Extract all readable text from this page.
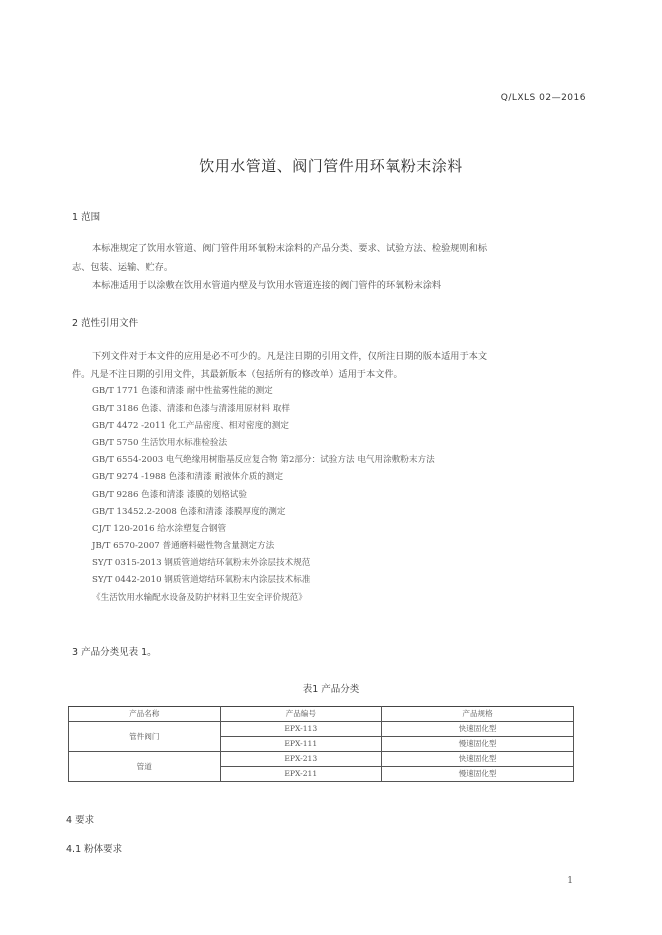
Q/LXLS 02—2016
饮用水管道、阀门管件用环氧粉末涂料
1 范围
本标准规定了饮用水管道、阀门管件用环氧粉末涂料的产品分类、要求、试验方法、检验规则和标
志、包装、运输、贮存。
本标准适用于以涂敷在饮用水管道内壁及与饮用水管道连接的阀门管件的环氧粉末涂料
2 范性引用文件
下列文件对于本文件的应用是必不可少的。凡是注日期的引用文件，仅所注日期的版本适用于本文
件。凡是不注日期的引用文件，其最新版本（包括所有的修改单）适用于本文件。
GB/T 1771 色漆和清漆 耐中性盐雾性能的测定
GB/T 3186 色漆、清漆和色漆与清漆用原材料 取样
GB/T 4472 -2011 化工产品密度、相对密度的测定
GB/T 5750 生活饮用水标准检验法
GB/T 6554-2003 电气绝缘用树脂基反应复合物 第2部分：试验方法 电气用涂敷粉末方法
GB/T 9274 -1988 色漆和清漆 耐液体介质的测定
GB/T 9286 色漆和清漆 漆膜的划格试验
GB/T 13452.2-2008 色漆和清漆 漆膜厚度的测定
CJ/T 120-2016 给水涂塑复合钢管
JB/T 6570-2007 普通磨料磁性物含量测定方法
SY/T 0315-2013 钢质管道熔结环氧粉末外涂层技术规范
SY/T 0442-2010 钢质管道熔结环氧粉末内涂层技术标准
《生活饮用水输配水设备及防护材料卫生安全评价规范》
3 产品分类见表 1。
表1 产品分类
产品名称	产品编号	产品规格
管件阀门	EPX-113	快速固化型
	EPX-111	慢速固化型
管道	EPX-213	快速固化型
	EPX-211	慢速固化型
4 要求
4.1 粉体要求
1
